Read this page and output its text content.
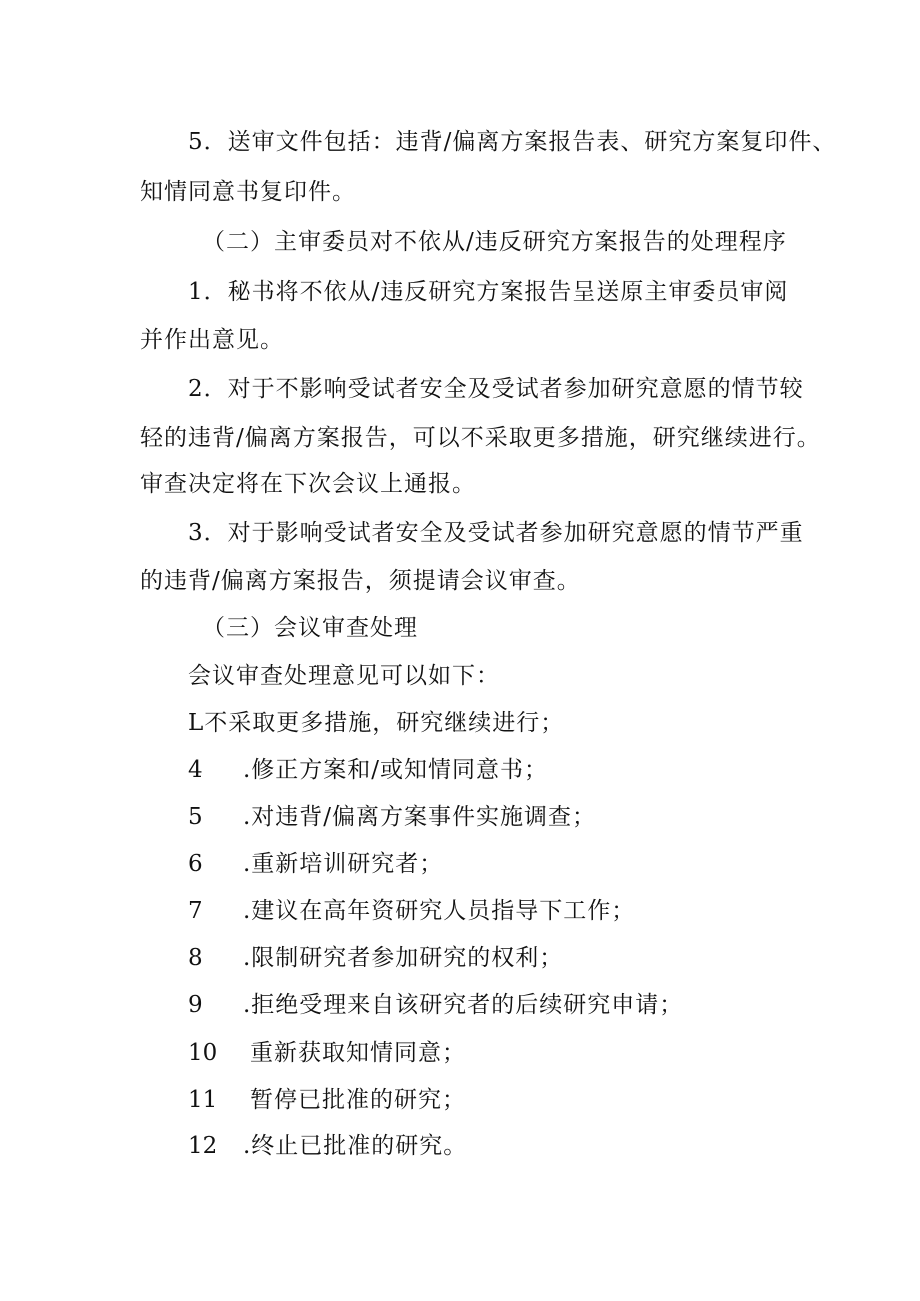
5．送审文件包括：违背/偏离方案报告表、研究方案复印件、
知情同意书复印件。
（二）主审委员对不依从/违反研究方案报告的处理程序
1．秘书将不依从/违反研究方案报告呈送原主审委员审阅
并作出意见。
2．对于不影响受试者安全及受试者参加研究意愿的情节较
轻的违背/偏离方案报告，可以不采取更多措施，研究继续进行。
审查决定将在下次会议上通报。
3．对于影响受试者安全及受试者参加研究意愿的情节严重
的违背/偏离方案报告，须提请会议审查。
（三）会议审查处理
会议审查处理意见可以如下：
L不采取更多措施，研究继续进行；
4 .修正方案和/或知情同意书；
5 .对违背/偏离方案事件实施调查；
6 .重新培训研究者；
7 .建议在高年资研究人员指导下工作；
8 .限制研究者参加研究的权利；
9 .拒绝受理来自该研究者的后续研究申请；
10 重新获取知情同意；
11 暂停已批准的研究；
12 .终止已批准的研究。
